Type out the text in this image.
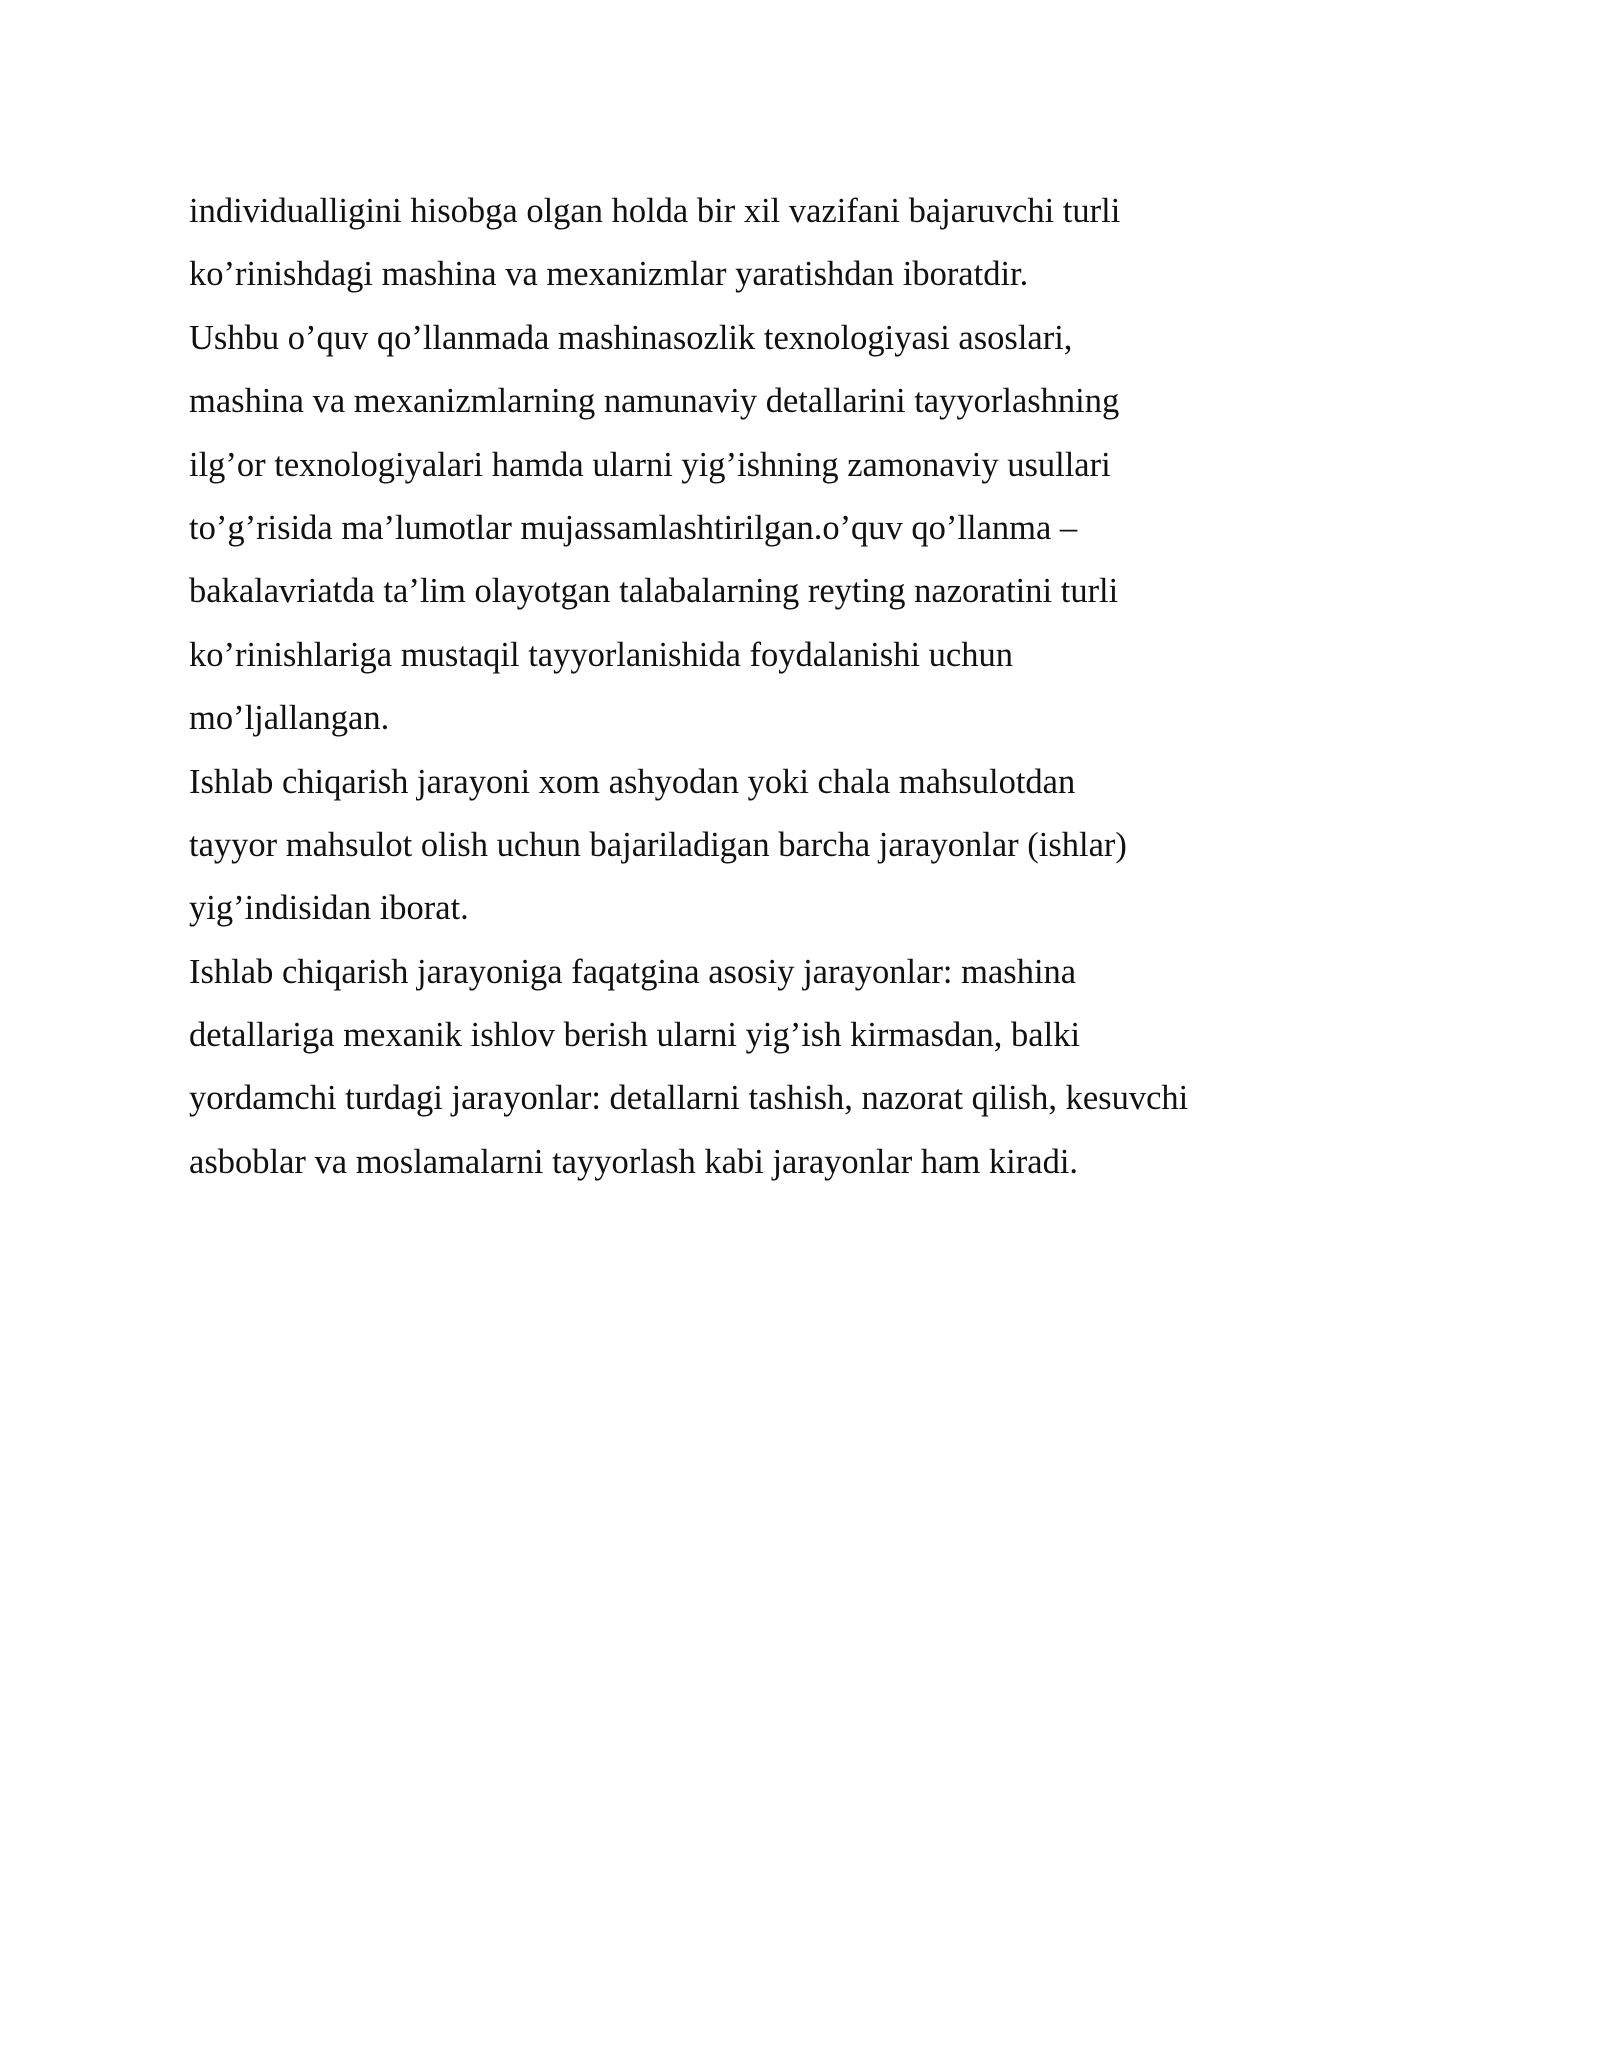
individualligini hisobga olgan holda bir xil vazifani bajaruvchi turli
ko’rinishdagi mashina va mexanizmlar yaratishdan iboratdir.
Ushbu o’quv qo’llanmada mashinasozlik texnologiyasi asoslari,
mashina va mexanizmlarning namunaviy detallarini tayyorlashning
ilg’or texnologiyalari hamda ularni yig’ishning zamonaviy usullari
to’g’risida ma’lumotlar mujassamlashtirilgan.o’quv qo’llanma –
bakalavriatda ta’lim olayotgan talabalarning reyting nazoratini turli
ko’rinishlariga mustaqil tayyorlanishida foydalanishi uchun
mo’ljallangan.
Ishlab chiqarish jarayoni xom ashyodan yoki chala mahsulotdan
tayyor mahsulot olish uchun bajariladigan barcha jarayonlar (ishlar)
yig’indisidan iborat.
Ishlab chiqarish jarayoniga faqatgina asosiy jarayonlar: mashina
detallariga mexanik ishlov berish ularni yig’ish kirmasdan, balki
yordamchi turdagi jarayonlar: detallarni tashish, nazorat qilish, kesuvchi
asboblar va moslamalarni tayyorlash kabi jarayonlar ham kiradi.
